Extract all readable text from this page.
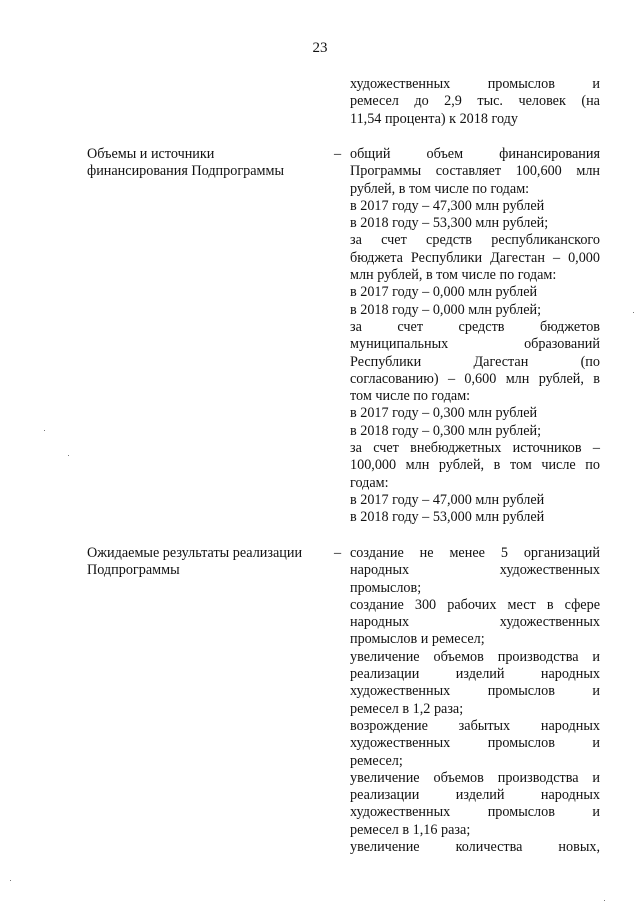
23
художественных промыслов и
ремесел до 2,9 тыс. человек (на
11,54 процента) к 2018 году
Объемы и источники
финансирования Подпрограммы
– общий объем финансирования
Программы составляет 100,600 млн
рублей, в том числе по годам:
в 2017 году – 47,300 млн рублей
в 2018 году – 53,300 млн рублей;
за счет средств республиканского
бюджета Республики Дагестан – 0,000
млн рублей, в том числе по годам:
в 2017 году – 0,000 млн рублей
в 2018 году – 0,000 млн рублей;
за счет средств бюджетов
муниципальных образований
Республики Дагестан (по
согласованию) – 0,600 млн рублей, в
том числе по годам:
в 2017 году – 0,300 млн рублей
в 2018 году – 0,300 млн рублей;
за счет внебюджетных источников –
100,000 млн рублей, в том числе по
годам:
в 2017 году – 47,000 млн рублей
в 2018 году – 53,000 млн рублей
Ожидаемые результаты реализации
Подпрограммы
– создание не менее 5 организаций
народных художественных
промыслов;
создание 300 рабочих мест в сфере
народных художественных
промыслов и ремесел;
увеличение объемов производства и
реализации изделий народных
художественных промыслов и
ремесел в 1,2 раза;
возрождение забытых народных
художественных промыслов и
ремесел;
увеличение объемов производства и
реализации изделий народных
художественных промыслов и
ремесел в 1,16 раза;
увеличение количества новых,
